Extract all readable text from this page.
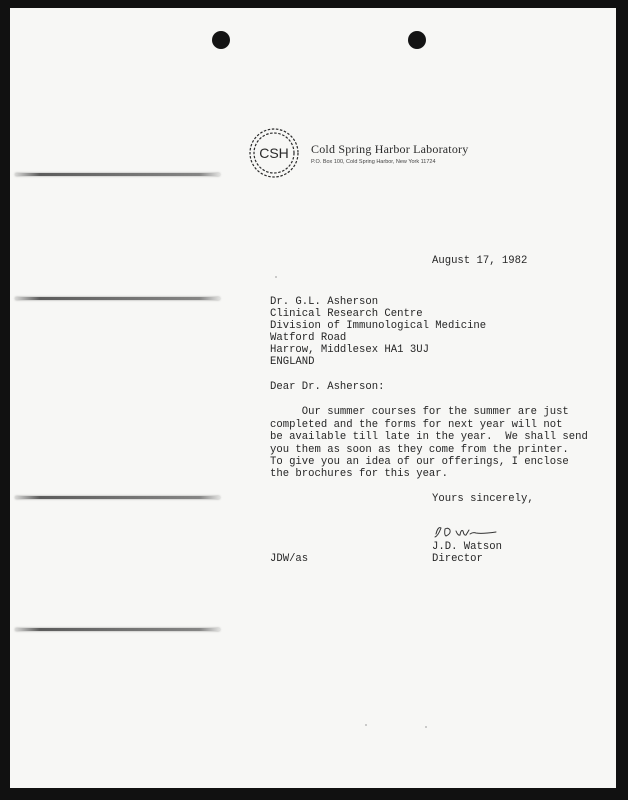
CSH Cold Spring Harbor Laboratory
P.O. Box 100, Cold Spring Harbor, New York 11724
August 17, 1982
Dr. G.L. Asherson
Clinical Research Centre
Division of Immunological Medicine
Watford Road
Harrow, Middlesex HA1 3UJ
ENGLAND
Dear Dr. Asherson:
Our summer courses for the summer are just
completed and the forms for next year will not
be available till late in the year.  We shall send
you them as soon as they come from the printer.
To give you an idea of our offerings, I enclose
the brochures for this year.
Yours sincerely,
J.D. Watson
JDW/as	Director
